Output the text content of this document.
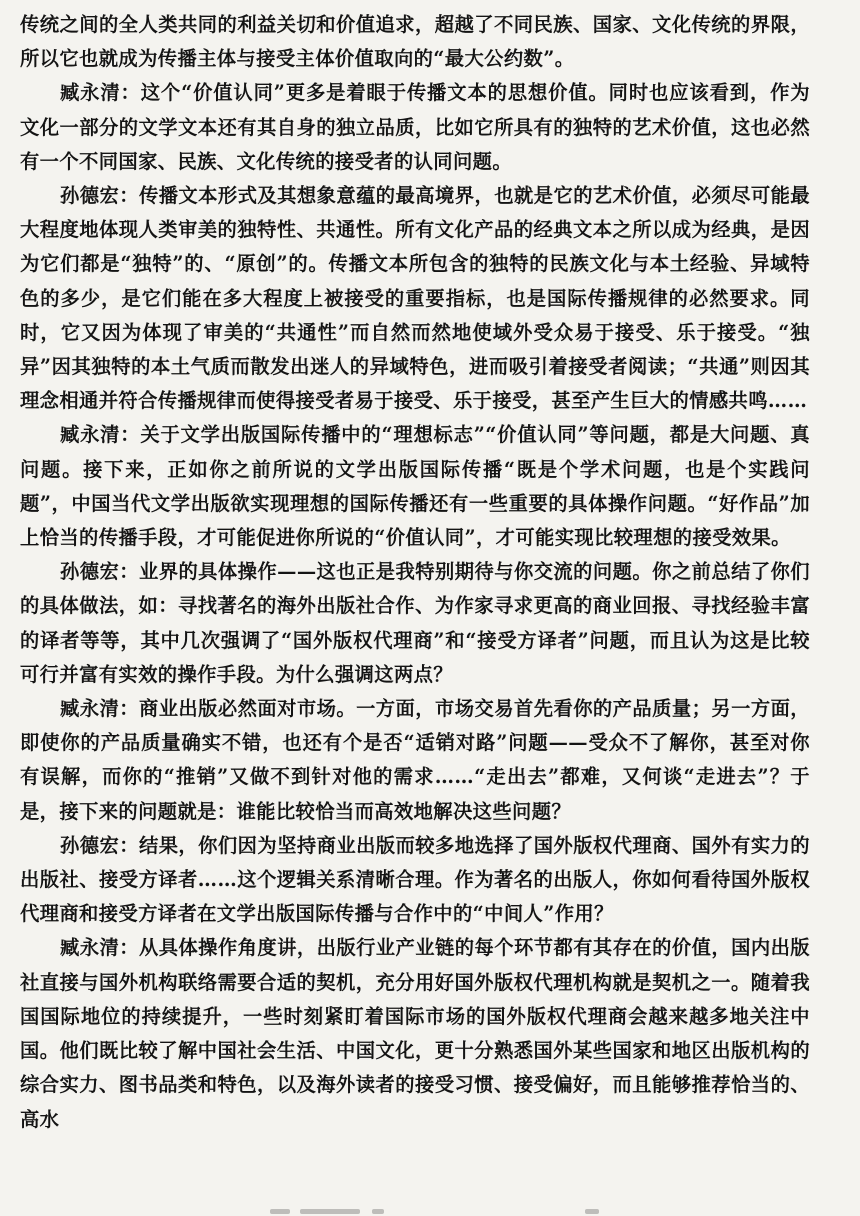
传统之间的全人类共同的利益关切和价值追求，超越了不同民族、国家、文化传统的界限，所以它也就成为传播主体与接受主体价值取向的“最大公约数”。

臧永清：这个“价值认同”更多是着眼于传播文本的思想价值。同时也应该看到，作为文化一部分的文学文本还有其自身的独立品质，比如它所具有的独特的艺术价值，这也必然有一个不同国家、民族、文化传统的接受者的认同问题。

孙德宏：传播文本形式及其想象意蕴的最高境界，也就是它的艺术价值，必须尽可能最大程度地体现人类审美的独特性、共通性。所有文化产品的经典文本之所以成为经典，是因为它们都是“独特”的、“原创”的。传播文本所包含的独特的民族文化与本土经验、异域特色的多少，是它们能在多大程度上被接受的重要指标，也是国际传播规律的必然要求。同时，它又因为体现了审美的“共通性”而自然而然地使域外受众易于接受、乐于接受。“独异”因其独特的本土气质而散发出迷人的异域特色，进而吸引着接受者阅读；“共通”则因其理念相通并符合传播规律而使得接受者易于接受、乐于接受，甚至产生巨大的情感共鸣……

臧永清：关于文学出版国际传播中的“理想标志”“价值认同”等问题，都是大问题、真问题。接下来，正如你之前所说的文学出版国际传播“既是个学术问题，也是个实践问题”，中国当代文学出版欲实现理想的国际传播还有一些重要的具体操作问题。“好作品”加上恰当的传播手段，才可能促进你所说的“价值认同”，才可能实现比较理想的接受效果。

孙德宏：业界的具体操作——这也正是我特别期待与你交流的问题。你之前总结了你们的具体做法，如：寻找著名的海外出版社合作、为作家寻求更高的商业回报、寻找经验丰富的译者等等，其中几次强调了“国外版权代理商”和“接受方译者”问题，而且认为这是比较可行并富有实效的操作手段。为什么强调这两点？

臧永清：商业出版必然面对市场。一方面，市场交易首先看你的产品质量；另一方面，即使你的产品质量确实不错，也还有个是否“适销对路”问题——受众不了解你，甚至对你有误解，而你的“推销”又做不到针对他的需求……“走出去”都难，又何谈“走进去”？于是，接下来的问题就是：谁能比较恰当而高效地解决这些问题？

孙德宏：结果，你们因为坚持商业出版而较多地选择了国外版权代理商、国外有实力的出版社、接受方译者……这个逻辑关系清晰合理。作为著名的出版人，你如何看待国外版权代理商和接受方译者在文学出版国际传播与合作中的“中间人”作用？

臧永清：从具体操作角度讲，出版行业产业链的每个环节都有其存在的价值，国内出版社直接与国外机构联络需要合适的契机，充分用好国外版权代理机构就是契机之一。随着我国国际地位的持续提升，一些时刻紧盯着国际市场的国外版权代理商会越来越多地关注中国。他们既比较了解中国社会生活、中国文化，更十分熟悉国外某些国家和地区出版机构的综合实力、图书品类和特色，以及海外读者的接受习惯、接受偏好，而且能够推荐恰当的、高水
